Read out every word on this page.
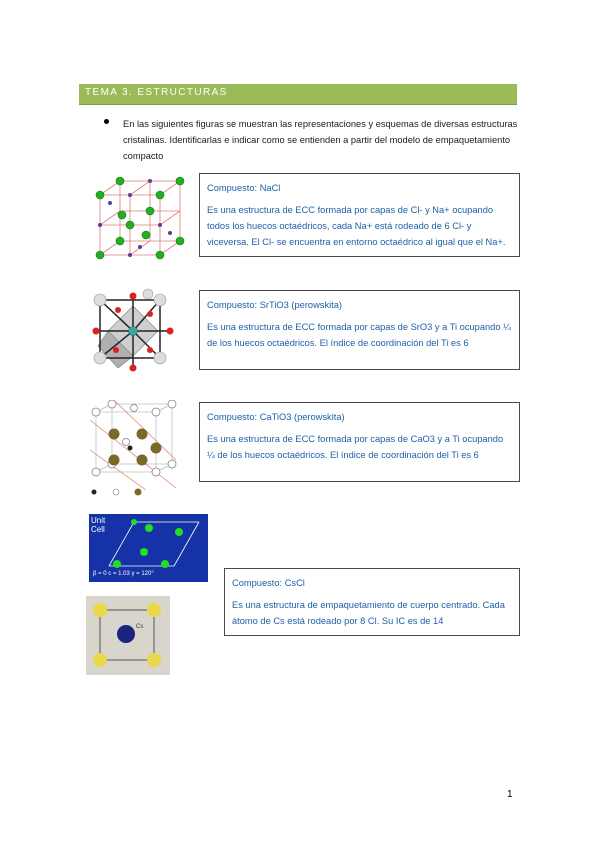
TEMA 3. ESTRUCTURAS

En las siguientes figuras se muestran las representaciones y esquemas de diversas estructuras cristalinas. Identificarlas e indicar como se entienden a partir del modelo de empaquetamiento compacto

Compuesto: NaCl

Es una estructura de ECC formada por capas de Cl- y Na+ ocupando todos los huecos octaédricos, cada Na+ está rodeado de 6 Cl- y viceversa. El Cl- se encuentra en entorno octaédrico al igual que el Na+.

Compuesto: SrTiO3 (perowskita)

Es una estructura de ECC formada por capas de SrO3 y a Ti ocupando ¼ de los huecos octaédricos. El índice de coordinación del Ti es 6

Compuesto: CaTiO3 (perowskita)

Es una estructura de ECC formada por capas de CaO3 y a Ti ocupando ¼ de los huecos octaédricos. El índice de coordinación del Ti es 6

Unit
Cell
β = 0 c = 1.03 γ = 120°
Cs

Compuesto: CsCl

Es una estructura de empaquetamiento de cuerpo centrado. Cada átomo de Cs está rodeado por 8 Cl. Su IC es de 14

1
